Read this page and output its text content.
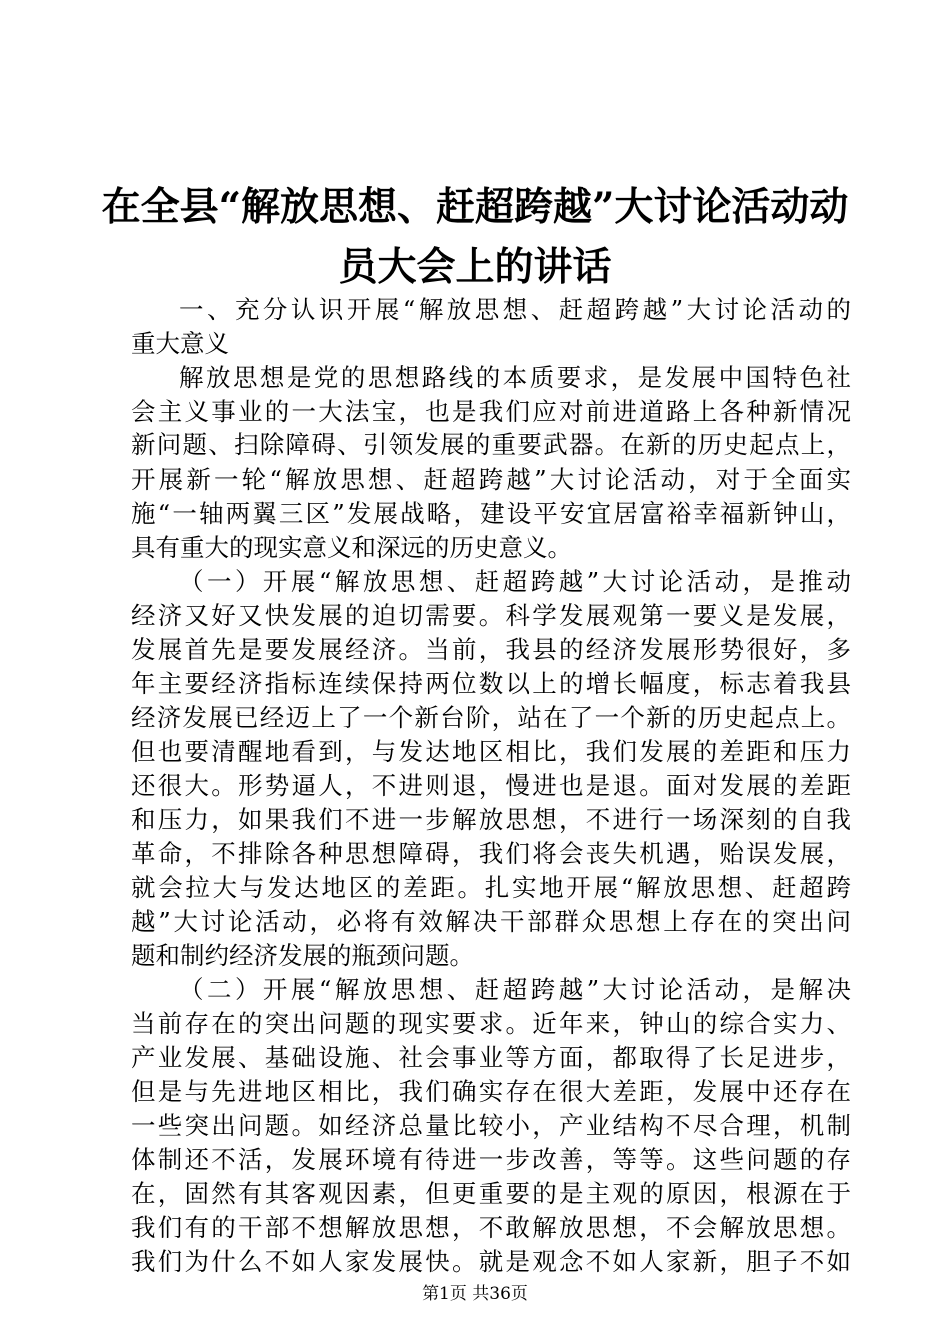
在全县“解放思想、赶超跨越”大讨论活动动
员大会上的讲话
一、充分认识开展“解放思想、赶超跨越”大讨论活动的
重大意义
解放思想是党的思想路线的本质要求，是发展中国特色社
会主义事业的一大法宝，也是我们应对前进道路上各种新情况
新问题、扫除障碍、引领发展的重要武器。在新的历史起点上，
开展新一轮“解放思想、赶超跨越”大讨论活动，对于全面实
施“一轴两翼三区”发展战略，建设平安宜居富裕幸福新钟山，
具有重大的现实意义和深远的历史意义。
（一）开展“解放思想、赶超跨越”大讨论活动，是推动
经济又好又快发展的迫切需要。科学发展观第一要义是发展，
发展首先是要发展经济。当前，我县的经济发展形势很好，多
年主要经济指标连续保持两位数以上的增长幅度，标志着我县
经济发展已经迈上了一个新台阶，站在了一个新的历史起点上。
但也要清醒地看到，与发达地区相比，我们发展的差距和压力
还很大。形势逼人，不进则退，慢进也是退。面对发展的差距
和压力，如果我们不进一步解放思想，不进行一场深刻的自我
革命，不排除各种思想障碍，我们将会丧失机遇，贻误发展，
就会拉大与发达地区的差距。扎实地开展“解放思想、赶超跨
越”大讨论活动，必将有效解决干部群众思想上存在的突出问
题和制约经济发展的瓶颈问题。
（二）开展“解放思想、赶超跨越”大讨论活动，是解决
当前存在的突出问题的现实要求。近年来，钟山的综合实力、
产业发展、基础设施、社会事业等方面，都取得了长足进步，
但是与先进地区相比，我们确实存在很大差距，发展中还存在
一些突出问题。如经济总量比较小，产业结构不尽合理，机制
体制还不活，发展环境有待进一步改善，等等。这些问题的存
在，固然有其客观因素，但更重要的是主观的原因，根源在于
我们有的干部不想解放思想，不敢解放思想，不会解放思想。
我们为什么不如人家发展快。就是观念不如人家新，胆子不如
第1页 共36页
